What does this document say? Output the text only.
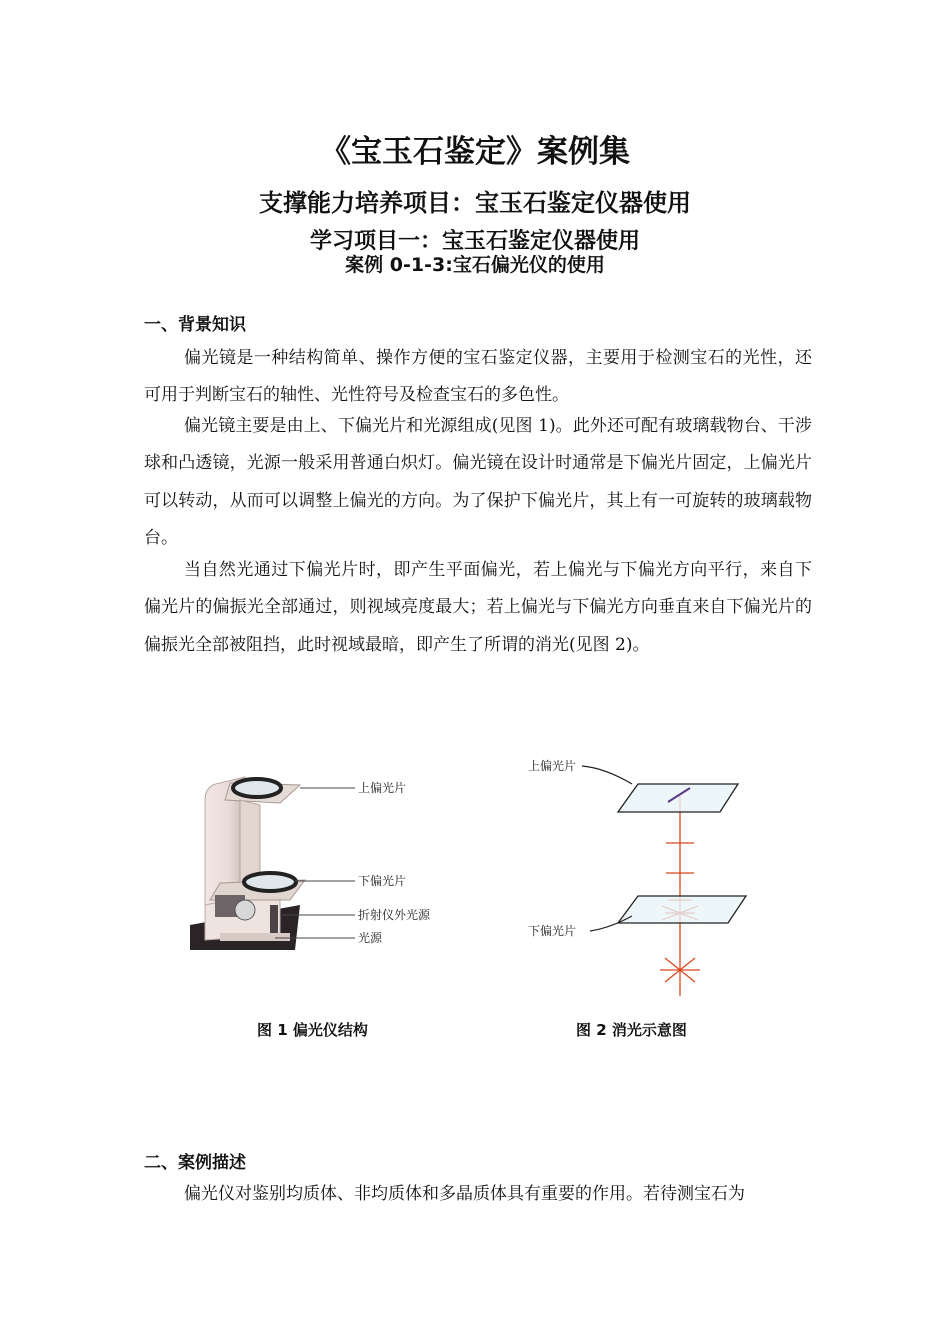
《宝玉石鉴定》案例集
支撑能力培养项目：宝玉石鉴定仪器使用
学习项目一：宝玉石鉴定仪器使用
案例 0-1-3:宝石偏光仪的使用
一、背景知识
偏光镜是一种结构简单、操作方便的宝石鉴定仪器，主要用于检测宝石的光性，还可用于判断宝石的轴性、光性符号及检查宝石的多色性。
偏光镜主要是由上、下偏光片和光源组成(见图 1)。此外还可配有玻璃载物台、干涉球和凸透镜，光源一般采用普通白炽灯。偏光镜在设计时通常是下偏光片固定，上偏光片可以转动，从而可以调整上偏光的方向。为了保护下偏光片，其上有一可旋转的玻璃载物台。
当自然光通过下偏光片时，即产生平面偏光，若上偏光与下偏光方向平行，来自下偏光片的偏振光全部通过，则视域亮度最大；若上偏光与下偏光方向垂直来自下偏光片的偏振光全部被阻挡，此时视域最暗，即产生了所谓的消光(见图 2)。
上偏光片
下偏光片
折射仪外光源
光源
上偏光片
下偏光片
图 1 偏光仪结构	图 2 消光示意图
二、案例描述
偏光仪对鉴别均质体、非均质体和多晶质体具有重要的作用。若待测宝石为
